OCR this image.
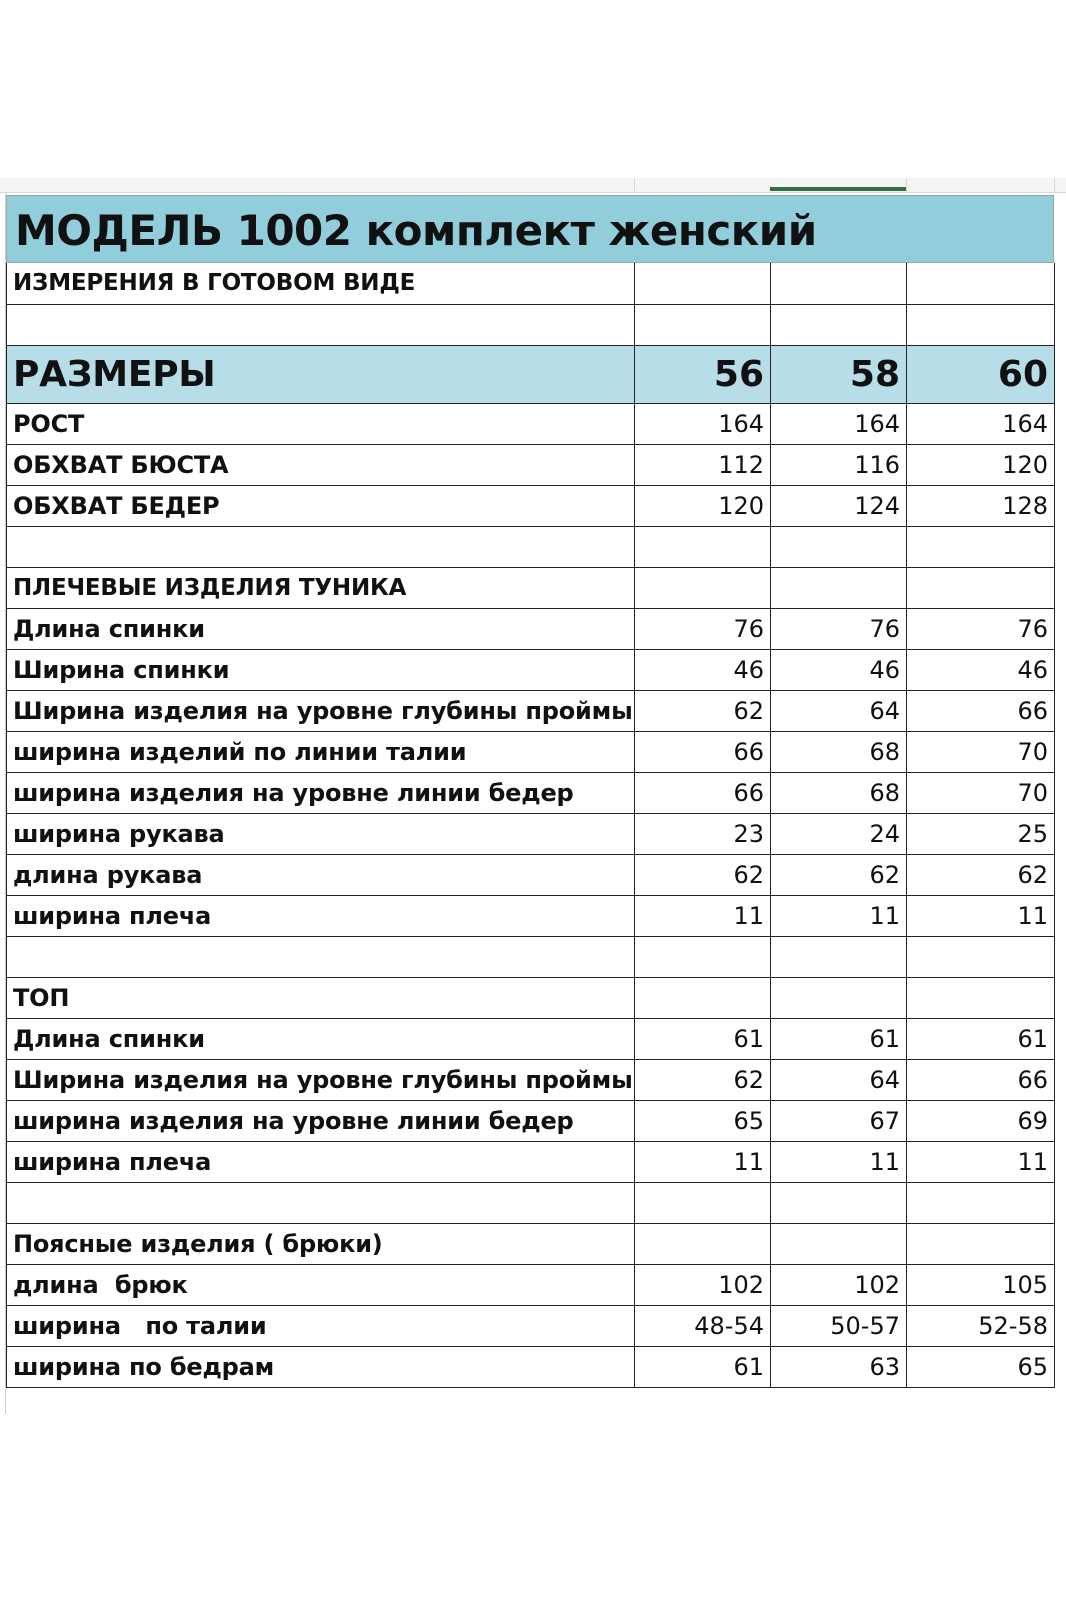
МОДЕЛЬ 1002 комплект женский
ИЗМЕРЕНИЯ В ГОТОВОМ ВИДЕ			

РАЗМЕРЫ	56	58	60
РОСТ	164	164	164
ОБХВАТ БЮСТА	112	116	120
ОБХВАТ БЕДЕР	120	124	128

ПЛЕЧЕВЫЕ ИЗДЕЛИЯ ТУНИКА			
Длина спинки	76	76	76
Ширина спинки	46	46	46
Ширина изделия на уровне глубины проймы	62	64	66
ширина изделий по линии талии	66	68	70
ширина изделия на уровне линии бедер	66	68	70
ширина рукава	23	24	25
длина рукава	62	62	62
ширина плеча	11	11	11

ТОП			
Длина спинки	61	61	61
Ширина изделия на уровне глубины проймы	62	64	66
ширина изделия на уровне линии бедер	65	67	69
ширина плеча	11	11	11

Поясные изделия ( брюки)			
длина  брюк	102	102	105
ширина   по талии	48-54	50-57	52-58
ширина по бедрам	61	63	65
